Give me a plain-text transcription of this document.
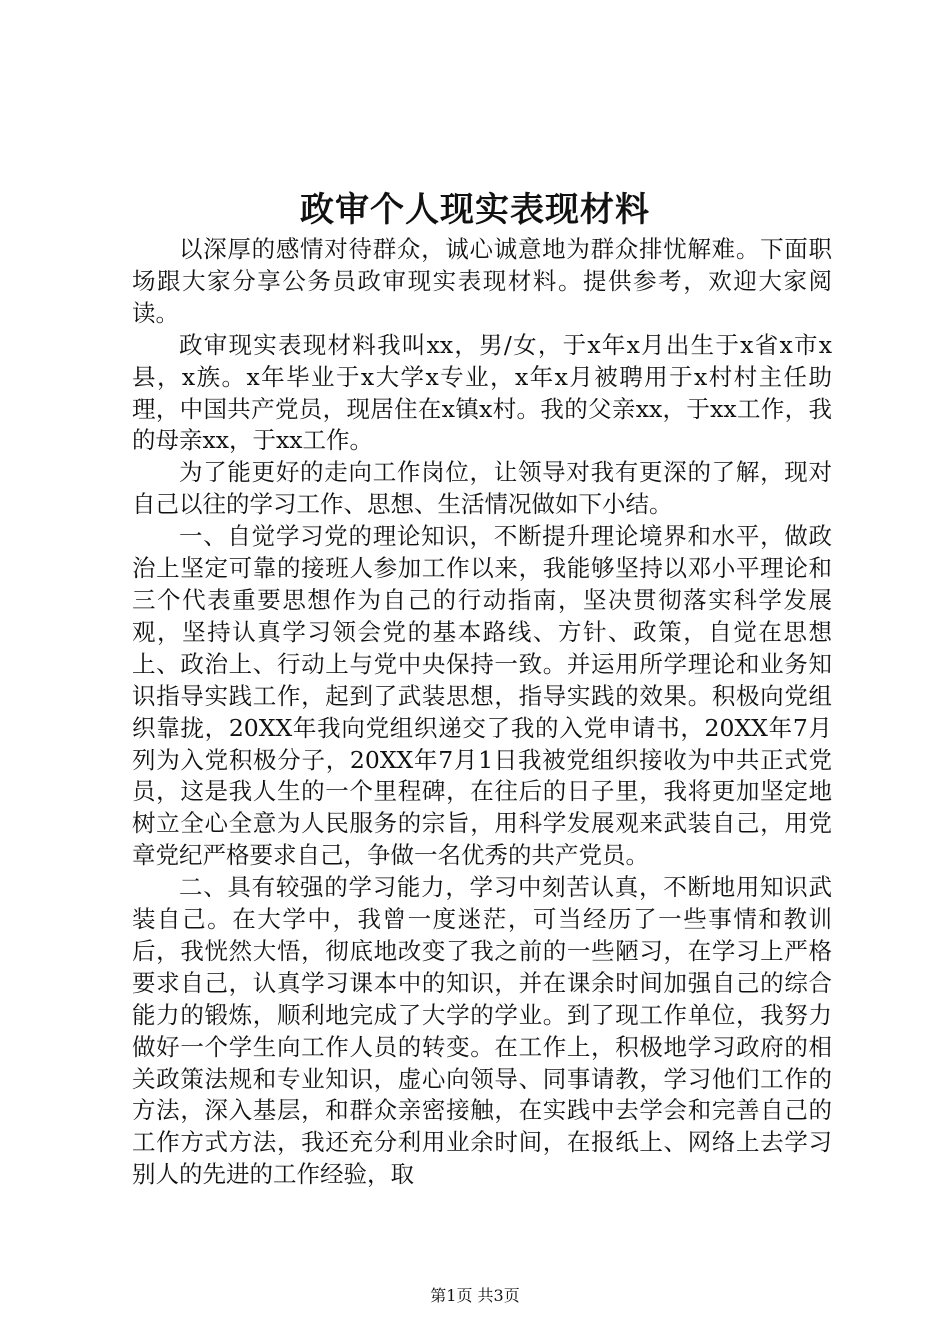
政审个人现实表现材料

以深厚的感情对待群众，诚心诚意地为群众排忧解难。下面职场跟大家分享公务员政审现实表现材料。提供参考，欢迎大家阅读。

政审现实表现材料我叫xx，男/女，于x年x月出生于x省x市x县，x族。x年毕业于x大学x专业，x年x月被聘用于x村村主任助理，中国共产党员，现居住在x镇x村。我的父亲xx，于xx工作，我的母亲xx，于xx工作。

为了能更好的走向工作岗位，让领导对我有更深的了解，现对自己以往的学习工作、思想、生活情况做如下小结。

一、自觉学习党的理论知识，不断提升理论境界和水平，做政治上坚定可靠的接班人参加工作以来，我能够坚持以邓小平理论和三个代表重要思想作为自己的行动指南，坚决贯彻落实科学发展观，坚持认真学习领会党的基本路线、方针、政策，自觉在思想上、政治上、行动上与党中央保持一致。并运用所学理论和业务知识指导实践工作，起到了武装思想，指导实践的效果。积极向党组织靠拢，20XX年我向党组织递交了我的入党申请书，20XX年7月列为入党积极分子，20XX年7月1日我被党组织接收为中共正式党员，这是我人生的一个里程碑，在往后的日子里，我将更加坚定地树立全心全意为人民服务的宗旨，用科学发展观来武装自己，用党章党纪严格要求自己，争做一名优秀的共产党员。

二、具有较强的学习能力，学习中刻苦认真，不断地用知识武装自己。在大学中，我曾一度迷茫，可当经历了一些事情和教训后，我恍然大悟，彻底地改变了我之前的一些陋习，在学习上严格要求自己，认真学习课本中的知识，并在课余时间加强自己的综合能力的锻炼，顺利地完成了大学的学业。到了现工作单位，我努力做好一个学生向工作人员的转变。在工作上，积极地学习政府的相关政策法规和专业知识，虚心向领导、同事请教，学习他们工作的方法，深入基层，和群众亲密接触，在实践中去学会和完善自己的工作方式方法，我还充分利用业余时间，在报纸上、网络上去学习别人的先进的工作经验，取

第1页 共3页
